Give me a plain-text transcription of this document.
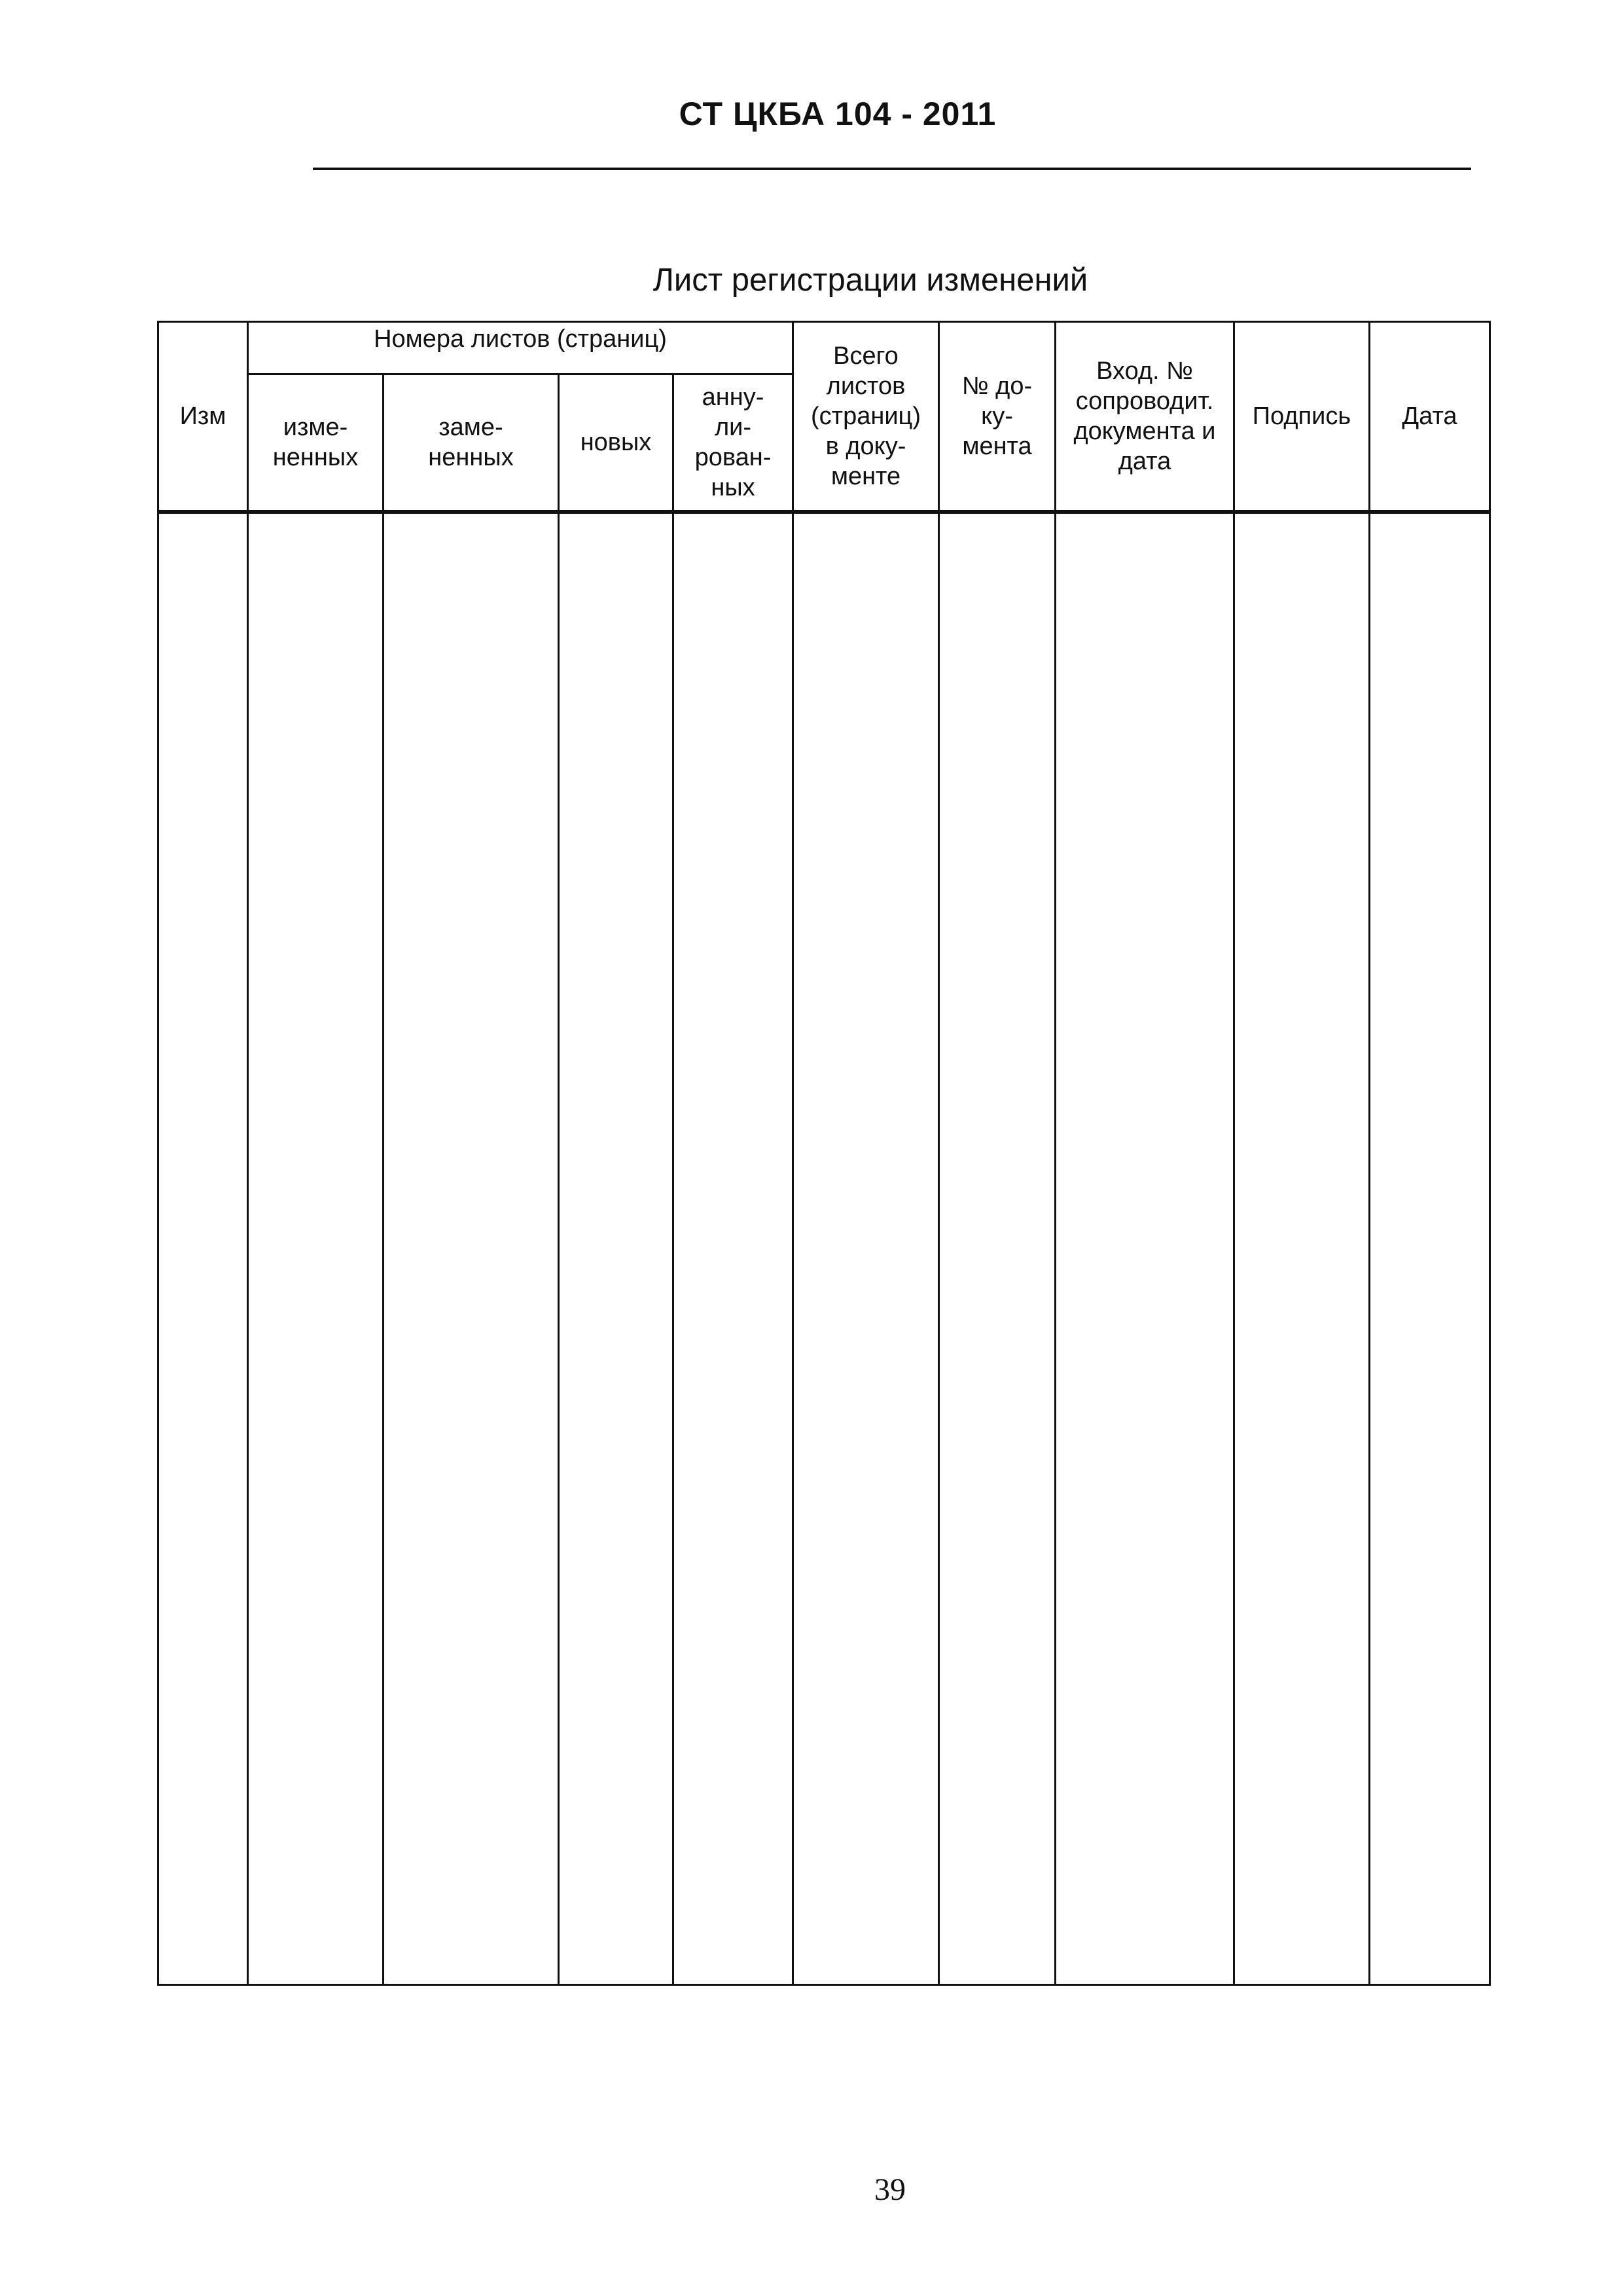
СТ ЦКБА 104 - 2011
Лист регистрации изменений
Изм	Номера листов (страниц)				Всего
листов
(страниц)
в доку-
менте	№ до-
ку-
мента	Вход. №
сопроводит.
документа и
дата	Подпись	Дата

	изме-
ненных	заме-
ненных	новых	анну-
ли-
рован-
ных					

39
